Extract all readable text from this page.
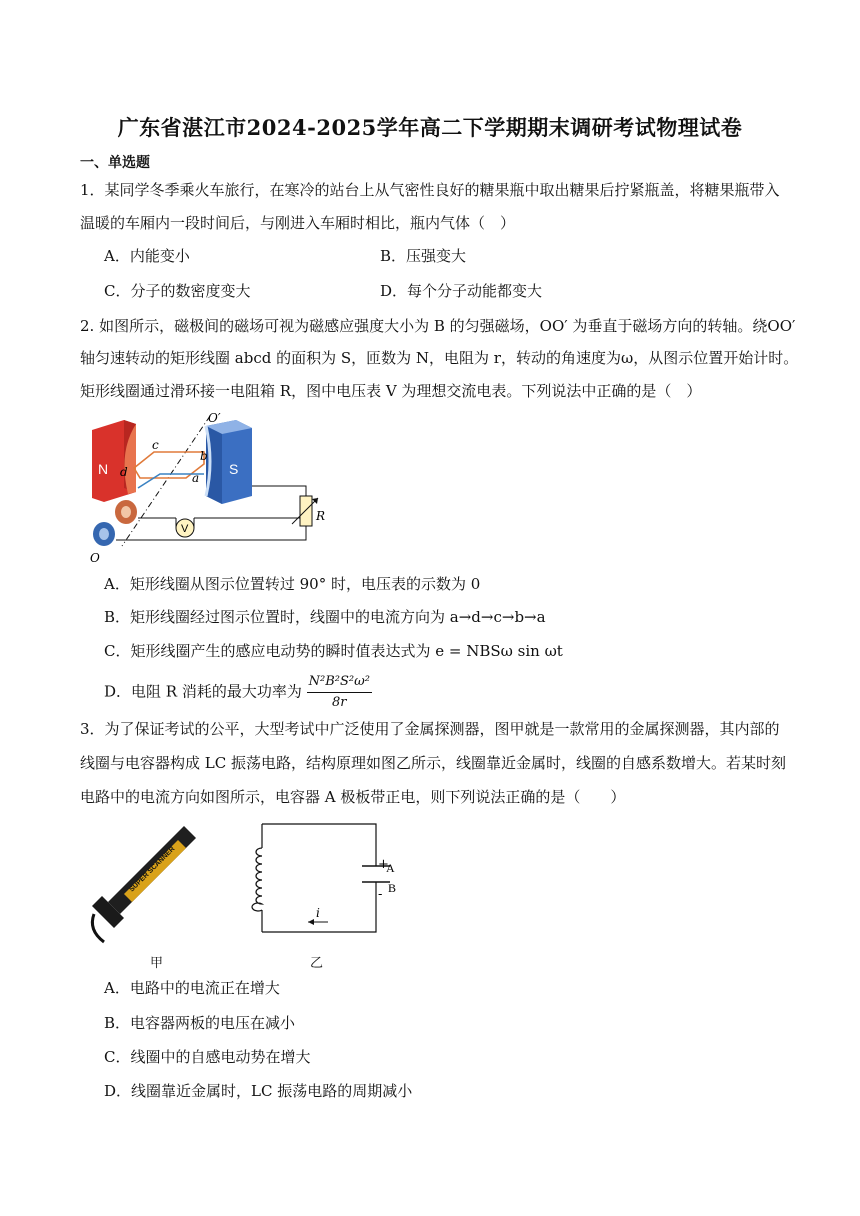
广东省湛江市2024-2025学年高二下学期期末调研考试物理试卷
一、单选题
1．某同学冬季乘火车旅行，在寒冷的站台上从气密性良好的糖果瓶中取出糖果后拧紧瓶盖，将糖果瓶带入
温暖的车厢内一段时间后，与刚进入车厢时相比，瓶内气体（　）
A．内能变小	B．压强变大
C．分子的数密度变大	D．每个分子动能都变大
2. 如图所示，磁极间的磁场可视为磁感应强度大小为 B 的匀强磁场，OO′ 为垂直于磁场方向的转轴。绕OO′
轴匀速转动的矩形线圈 abcd 的面积为 S，匝数为 N，电阻为 r，转动的角速度为ω，从图示位置开始计时。
矩形线圈通过滑环接一电阻箱 R，图中电压表 V 为理想交流电表。下列说法中正确的是（　）
N	S
O′
O
c
b
a
d
V
R
A．矩形线圈从图示位置转过 90° 时，电压表的示数为 0
B．矩形线圈经过图示位置时，线圈中的电流方向为 a→d→c→b→a
C．矩形线圈产生的感应电动势的瞬时值表达式为 e = NBSω sin ωt
D．电阻 R 消耗的最大功率为 $\frac{\text{N²B²S²ω²}}{8r}$
3．为了保证考试的公平，大型考试中广泛使用了金属探测器，图甲就是一款常用的金属探测器，其内部的
线圈与电容器构成 LC 振荡电路，结构原理如图乙所示，线圈靠近金属时，线圈的自感系数增大。若某时刻
电路中的电流方向如图所示，电容器 A 极板带正电，则下列说法正确的是（　　）
SUPER SCANNER
甲
+
A
- B
i
乙
A．电路中的电流正在增大
B．电容器两板的电压在减小
C．线圈中的自感电动势在增大
D．线圈靠近金属时，LC 振荡电路的周期减小
